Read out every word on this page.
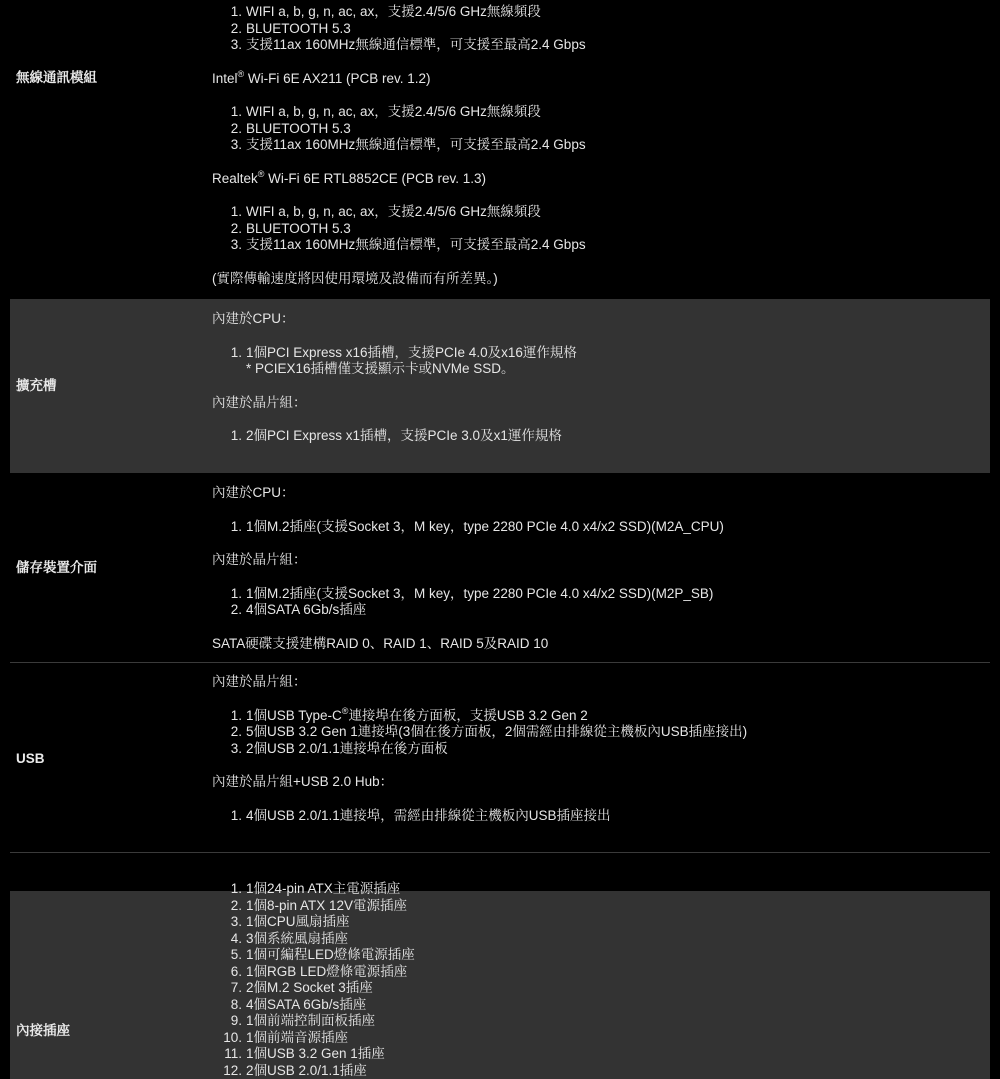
無線通訊模組
1. WIFI a, b, g, n, ac, ax，支援2.4/5/6 GHz無線頻段
2. BLUETOOTH 5.3
3. 支援11ax 160MHz無線通信標準，可支援至最高2.4 Gbps
Intel® Wi-Fi 6E AX211 (PCB rev. 1.2)
1. WIFI a, b, g, n, ac, ax，支援2.4/5/6 GHz無線頻段
2. BLUETOOTH 5.3
3. 支援11ax 160MHz無線通信標準，可支援至最高2.4 Gbps
Realtek® Wi-Fi 6E RTL8852CE (PCB rev. 1.3)
1. WIFI a, b, g, n, ac, ax，支援2.4/5/6 GHz無線頻段
2. BLUETOOTH 5.3
3. 支援11ax 160MHz無線通信標準，可支援至最高2.4 Gbps
(實際傳輸速度將因使用環境及設備而有所差異。)
擴充槽
內建於CPU：
1. 1個PCI Express x16插槽，支援PCIe 4.0及x16運作規格
* PCIEX16插槽僅支援顯示卡或NVMe SSD。
內建於晶片組：
1. 2個PCI Express x1插槽，支援PCIe 3.0及x1運作規格
儲存裝置介面
內建於CPU：
1. 1個M.2插座(支援Socket 3，M key，type 2280 PCIe 4.0 x4/x2 SSD)(M2A_CPU)
內建於晶片組：
1. 1個M.2插座(支援Socket 3，M key，type 2280 PCIe 4.0 x4/x2 SSD)(M2P_SB)
2. 4個SATA 6Gb/s插座
SATA硬碟支援建構RAID 0、RAID 1、RAID 5及RAID 10
USB
內建於晶片組：
1. 1個USB Type-C®連接埠在後方面板，支援USB 3.2 Gen 2
2. 5個USB 3.2 Gen 1連接埠(3個在後方面板，2個需經由排線從主機板內USB插座接出)
3. 2個USB 2.0/1.1連接埠在後方面板
內建於晶片組+USB 2.0 Hub：
1. 4個USB 2.0/1.1連接埠，需經由排線從主機板內USB插座接出
內接插座
1. 1個24-pin ATX主電源插座
2. 1個8-pin ATX 12V電源插座
3. 1個CPU風扇插座
4. 3個系統風扇插座
5. 1個可編程LED燈條電源插座
6. 1個RGB LED燈條電源插座
7. 2個M.2 Socket 3插座
8. 4個SATA 6Gb/s插座
9. 1個前端控制面板插座
10. 1個前端音源插座
11. 1個USB 3.2 Gen 1插座
12. 2個USB 2.0/1.1插座
